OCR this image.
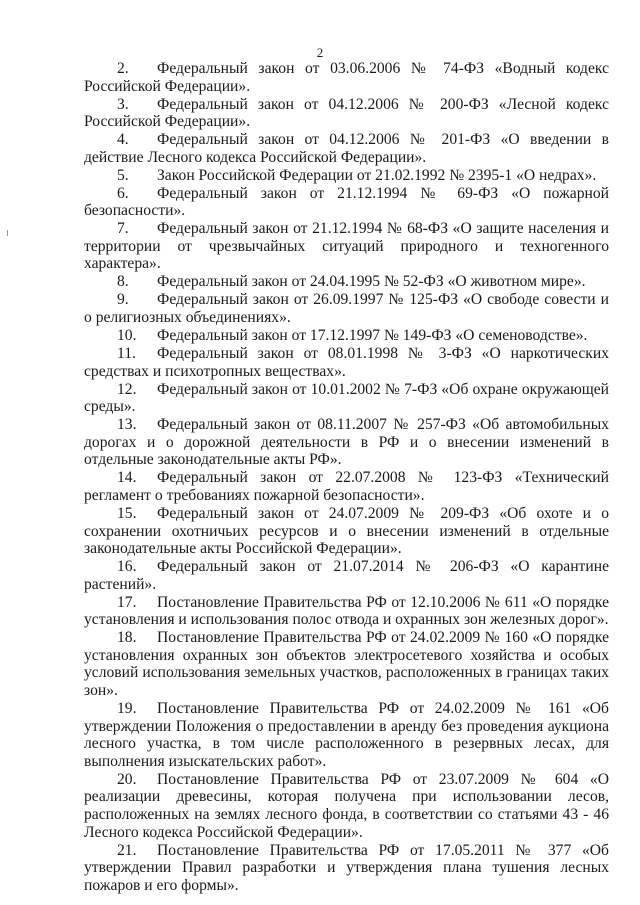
2

2. Федеральный закон от 03.06.2006 № 74-ФЗ «Водный кодекс Российской Федерации».

3. Федеральный закон от 04.12.2006 № 200-ФЗ «Лесной кодекс Российской Федерации».

4. Федеральный закон от 04.12.2006 № 201-ФЗ «О введении в действие Лесного кодекса Российской Федерации».

5. Закон Российской Федерации от 21.02.1992 № 2395-1 «О недрах».

6. Федеральный закон от 21.12.1994 № 69-ФЗ «О пожарной безопасности».

7. Федеральный закон от 21.12.1994 № 68-ФЗ «О защите населения и территории от чрезвычайных ситуаций природного и техногенного характера».

8. Федеральный закон от 24.04.1995 № 52-ФЗ «О животном мире».

9. Федеральный закон от 26.09.1997 № 125-ФЗ «О свободе совести и о религиозных объединениях».

10. Федеральный закон от 17.12.1997 № 149-ФЗ «О семеноводстве».

11. Федеральный закон от 08.01.1998 № 3-ФЗ «О наркотических средствах и психотропных веществах».

12. Федеральный закон от 10.01.2002 № 7-ФЗ «Об охране окружающей среды».

13. Федеральный закон от 08.11.2007 № 257-ФЗ «Об автомобильных дорогах и о дорожной деятельности в РФ и о внесении изменений в отдельные законодательные акты РФ».

14. Федеральный закон от 22.07.2008 № 123-ФЗ «Технический регламент о требованиях пожарной безопасности».

15. Федеральный закон от 24.07.2009 № 209-ФЗ «Об охоте и о сохранении охотничьих ресурсов и о внесении изменений в отдельные законодательные акты Российской Федерации».

16. Федеральный закон от 21.07.2014 № 206-ФЗ «О карантине растений».

17. Постановление Правительства РФ от 12.10.2006 № 611 «О порядке установления и использования полос отвода и охранных зон железных дорог».

18. Постановление Правительства РФ от 24.02.2009 № 160 «О порядке установления охранных зон объектов электросетевого хозяйства и особых условий использования земельных участков, расположенных в границах таких зон».

19. Постановление Правительства РФ от 24.02.2009 № 161 «Об утверждении Положения о предоставлении в аренду без проведения аукциона лесного участка, в том числе расположенного в резервных лесах, для выполнения изыскательских работ».

20. Постановление Правительства РФ от 23.07.2009 № 604 «О реализации древесины, которая получена при использовании лесов, расположенных на землях лесного фонда, в соответствии со статьями 43 - 46 Лесного кодекса Российской Федерации».

21. Постановление Правительства РФ от 17.05.2011 № 377 «Об утверждении Правил разработки и утверждения плана тушения лесных пожаров и его формы».
